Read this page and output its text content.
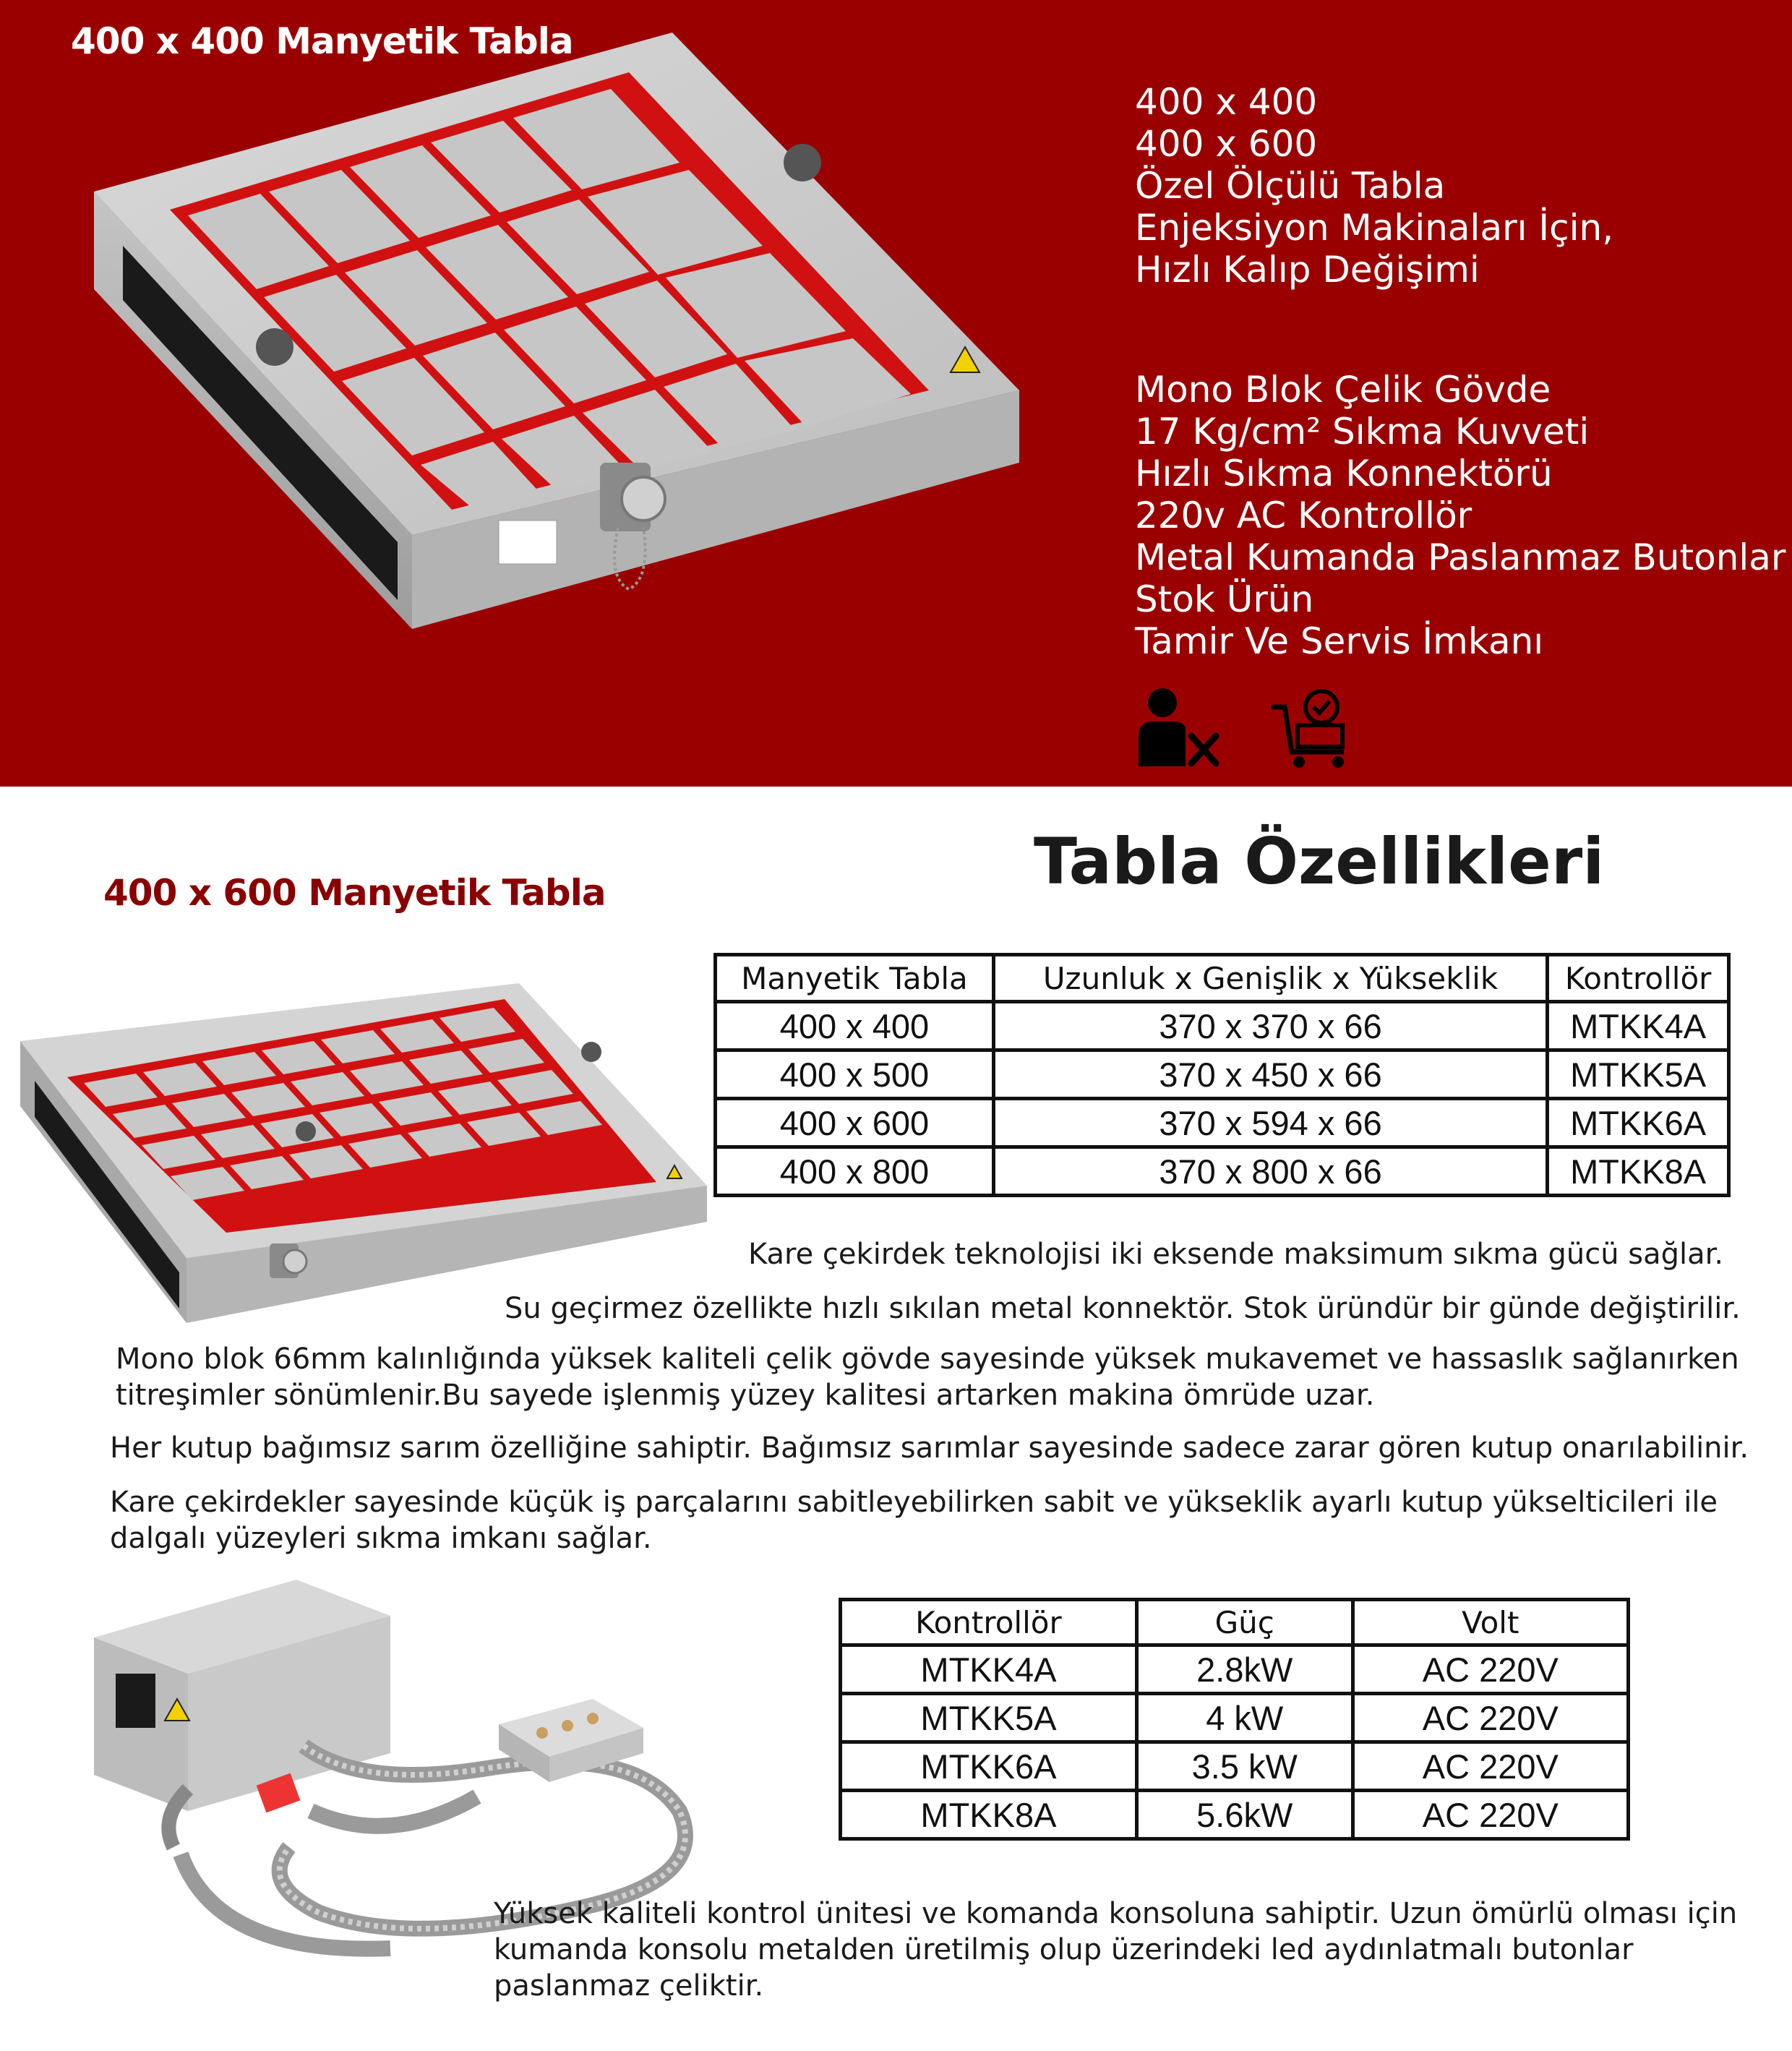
400 x 400 Manyetik Tabla
400 x 400
400 x 600
Özel Ölçülü Tabla
Enjeksiyon Makinaları İçin,
Hızlı Kalıp Değişimi
Mono Blok Çelik Gövde
17 Kg/cm² Sıkma Kuvveti
Hızlı Sıkma Konnektörü
220v AC Kontrollör
Metal Kumanda Paslanmaz Butonlar
Stok Ürün
Tamir Ve Servis İmkanı
Tabla Özellikleri
400 x 600 Manyetik Tabla
Manyetik Tabla	Uzunluk x Genişlik x Yükseklik	Kontrollör
400 x 400	370 x 370 x 66	MTKK4A
400 x 500	370 x 450 x 66	MTKK5A
400 x 600	370 x 594 x 66	MTKK6A
400 x 800	370 x 800 x 66	MTKK8A
Kare çekirdek teknolojisi iki eksende maksimum sıkma gücü sağlar.
Su geçirmez özellikte hızlı sıkılan metal konnektör. Stok üründür bir günde değiştirilir.
Mono blok 66mm kalınlığında yüksek kaliteli çelik gövde sayesinde yüksek mukavemet ve hassaslık sağlanırken titreşimler sönümlenir.Bu sayede işlenmiş yüzey kalitesi artarken makina ömrüde uzar.
Her kutup bağımsız sarım özelliğine sahiptir. Bağımsız sarımlar sayesinde sadece zarar gören kutup onarılabilinir.
Kare çekirdekler sayesinde küçük iş parçalarını sabitleyebilirken sabit ve yükseklik ayarlı kutup yükselticileri ile dalgalı yüzeyleri sıkma imkanı sağlar.
Kontrollör	Güç	Volt
MTKK4A	2.8kW	AC 220V
MTKK5A	4 kW	AC 220V
MTKK6A	3.5 kW	AC 220V
MTKK8A	5.6kW	AC 220V
Yüksek kaliteli kontrol ünitesi ve komanda konsoluna sahiptir. Uzun ömürlü olması için kumanda konsolu metalden üretilmiş olup üzerindeki led aydınlatmalı butonlar paslanmaz çeliktir.
